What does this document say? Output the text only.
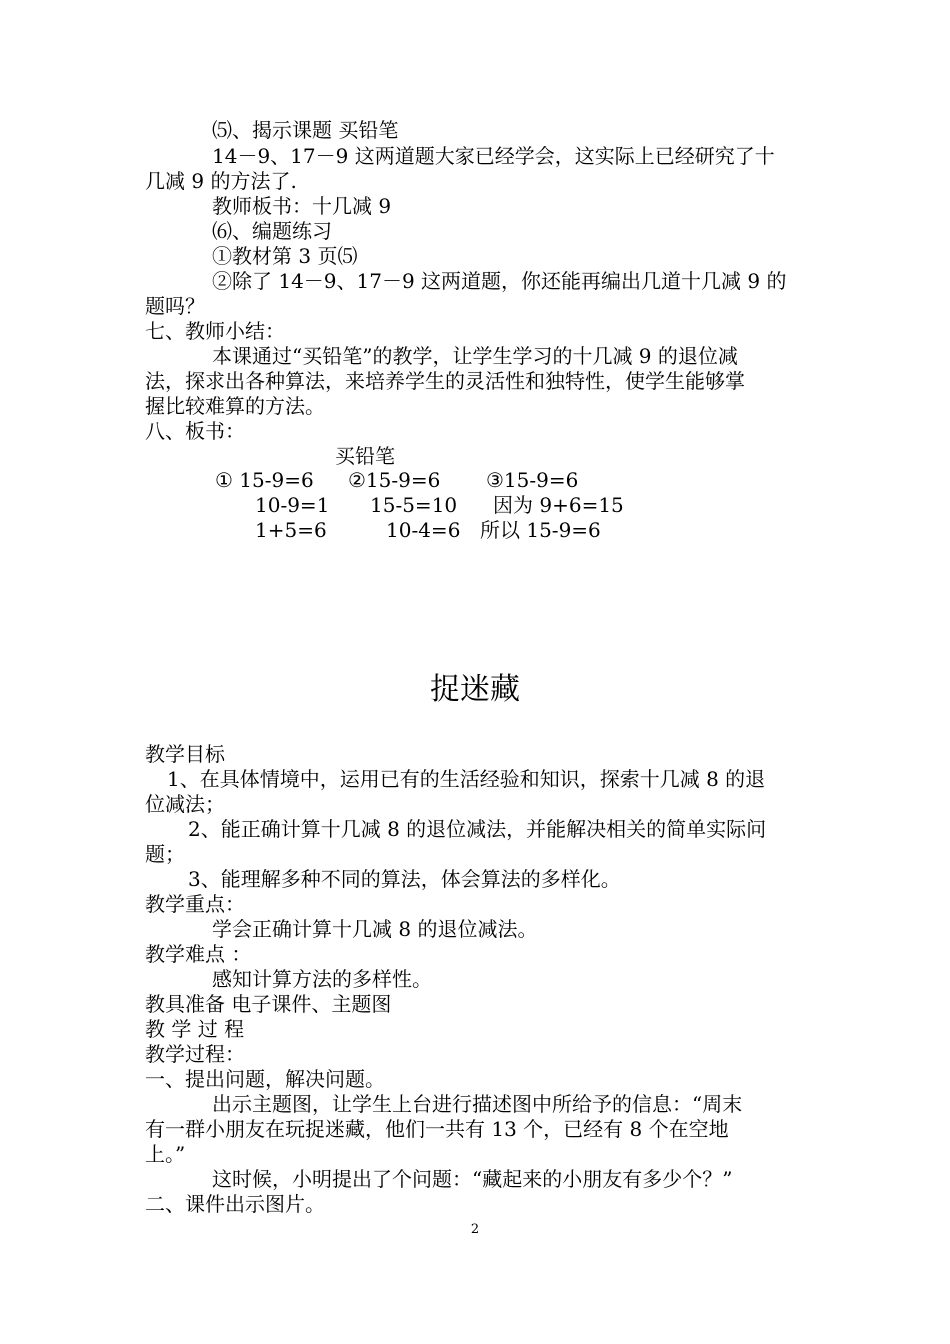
⑸、揭示课题 买铅笔
14－9、17－9 这两道题大家已经学会，这实际上已经研究了十
几减 9 的方法了.
教师板书：十几减 9
⑹、编题练习
①教材第 3 页⑸
②除了 14－9、17－9 这两道题，你还能再编出几道十几减 9 的
题吗？
七、教师小结：
本课通过“买铅笔”的教学，让学生学习的十几减 9 的退位减
法，探求出各种算法，来培养学生的灵活性和独特性，使学生能够掌
握比较难算的方法。
八、板书：
买铅笔
① 15-9=6 ②15-9=6 ③15-9=6
10-9=1 15-5=10 因为 9+6=15
1+5=6	10-4=6 所以 15-9=6
捉迷藏
教学目标
1、在具体情境中，运用已有的生活经验和知识，探索十几减 8 的退
位减法；
2、能正确计算十几减 8 的退位减法，并能解决相关的简单实际问
题；
3、能理解多种不同的算法，体会算法的多样化。
教学重点：
学会正确计算十几减 8 的退位减法。
教学难点 ：
感知计算方法的多样性。
教具准备 电子课件、主题图
教 学 过 程
教学过程：
一、提出问题，解决问题。
出示主题图，让学生上台进行描述图中所给予的信息：“周末
有一群小朋友在玩捉迷藏，他们一共有 13 个，已经有 8 个在空地
上。”
这时候，小明提出了个问题：“藏起来的小朋友有多少个？”
二、课件出示图片。
2
